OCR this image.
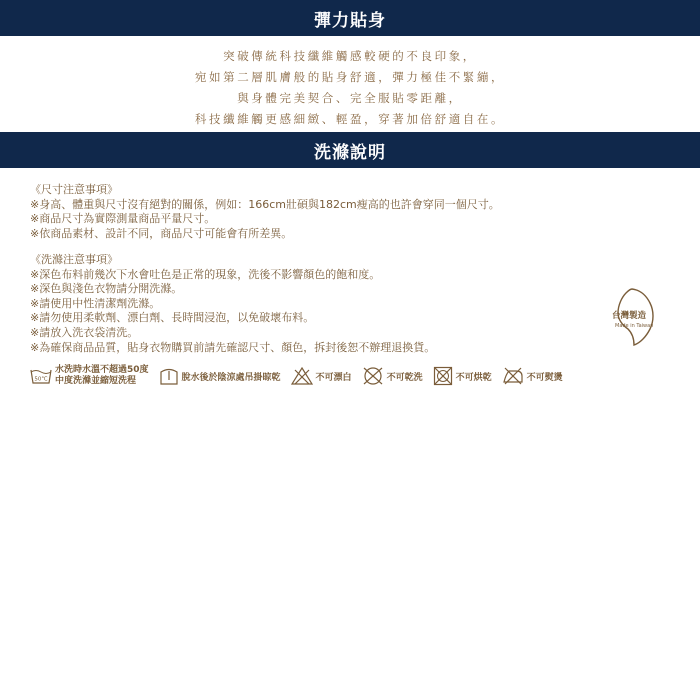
彈力貼身
突破傳統科技纖維觸感較硬的不良印象，
宛如第二層肌膚般的貼身舒適，彈力極佳不緊繃，
與身體完美契合、完全服貼零距離，
科技纖維觸更感細緻、輕盈，穿著加倍舒適自在。
洗滌說明
《尺寸注意事項》
※身高、體重與尺寸沒有絕對的關係，例如：166cm壯碩與182cm瘦高的也許會穿同一個尺寸。
※商品尺寸為實際測量商品平量尺寸。
※依商品素材、設計不同，商品尺寸可能會有所差異。
《洗滌注意事項》
※深色布料前幾次下水會吐色是正常的現象，洗後不影響顏色的飽和度。
※深色與淺色衣物請分開洗滌。
※請使用中性清潔劑洗滌。
※請勿使用柔軟劑、漂白劑、長時間浸泡，以免破壞布料。
※請放入洗衣袋清洗。
※為確保商品品質，貼身衣物購買前請先確認尺寸、顏色，拆封後恕不辦理退換貨。
台灣製造
Made in Taiwan
50℃
水洗時水溫不超過50度
中度洗滌並縮短洗程	脫水後於陰涼處吊掛晾乾	不可漂白	不可乾洗	不可烘乾	不可熨燙
